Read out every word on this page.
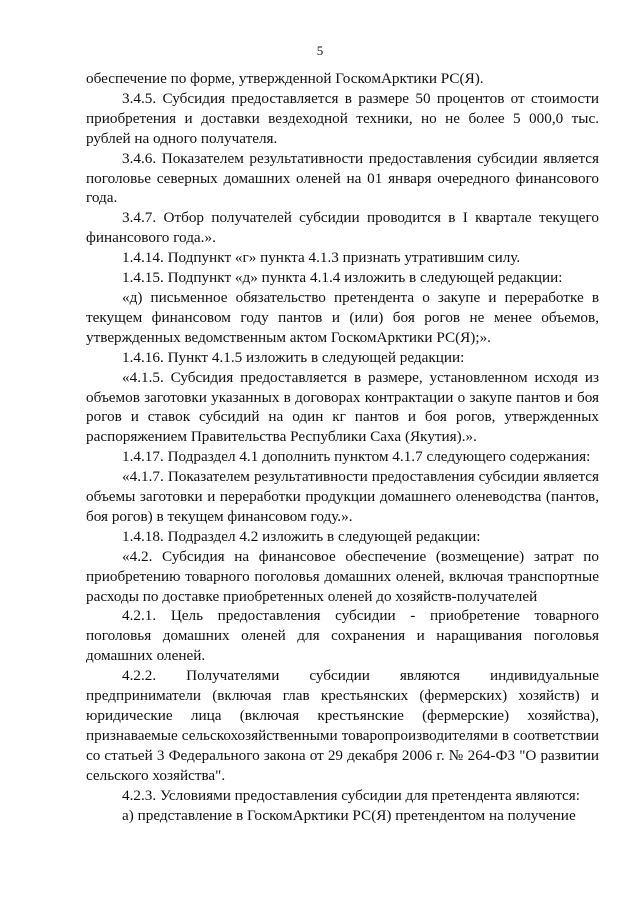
5

обеспечение по форме, утвержденной ГоскомАрктики РС(Я).

3.4.5. Субсидия предоставляется в размере 50 процентов от стоимости приобретения и доставки вездеходной техники, но не более 5 000,0 тыс. рублей на одного получателя.

3.4.6. Показателем результативности предоставления субсидии является поголовье северных домашних оленей на 01 января очередного финансового года.

3.4.7. Отбор получателей субсидии проводится в I квартале текущего финансового года.».

1.4.14. Подпункт «г» пункта 4.1.3 признать утратившим силу.

1.4.15. Подпункт «д» пункта 4.1.4 изложить в следующей редакции:

«д) письменное обязательство претендента о закупе и переработке в текущем финансовом году пантов и (или) боя рогов не менее объемов, утвержденных ведомственным актом ГоскомАрктики РС(Я);».

1.4.16. Пункт 4.1.5 изложить в следующей редакции:

«4.1.5. Субсидия предоставляется в размере, установленном исходя из объемов заготовки указанных в договорах контрактации о закупе пантов и боя рогов и ставок субсидий на один кг пантов и боя рогов, утвержденных распоряжением Правительства Республики Саха (Якутия).».

1.4.17. Подраздел 4.1 дополнить пунктом 4.1.7 следующего содержания:

«4.1.7. Показателем результативности предоставления субсидии является объемы заготовки и переработки продукции домашнего оленеводства (пантов, боя рогов) в текущем финансовом году.».

1.4.18. Подраздел 4.2 изложить в следующей редакции:

«4.2. Субсидия на финансовое обеспечение (возмещение) затрат по приобретению товарного поголовья домашних оленей, включая транспортные расходы по доставке приобретенных оленей до хозяйств-получателей

4.2.1. Цель предоставления субсидии - приобретение товарного поголовья домашних оленей для сохранения и наращивания поголовья домашних оленей.

4.2.2. Получателями субсидии являются индивидуальные предприниматели (включая глав крестьянских (фермерских) хозяйств) и юридические лица (включая крестьянские (фермерские) хозяйства), признаваемые сельскохозяйственными товаропроизводителями в соответствии со статьей 3 Федерального закона от 29 декабря 2006 г. № 264-ФЗ "О развитии сельского хозяйства".

4.2.3. Условиями предоставления субсидии для претендента являются:

а) представление в ГоскомАрктики РС(Я) претендентом на получение
